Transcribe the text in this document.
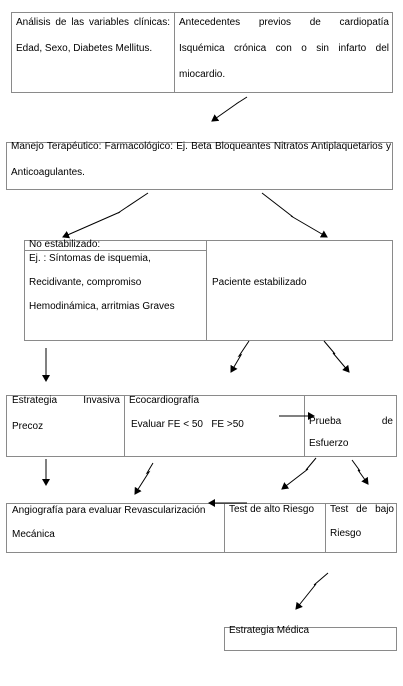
Análisis de las variables clínicas: Edad, Sexo, Diabetes Mellitus.
Antecedentes previos de cardiopatía Isquémica crónica con o sin infarto del miocardio.
Manejo Terapéutico: Farmacológico: Ej. Beta Bloqueantes Nitratos Antiplaquetarios y Anticoagulantes.
No estabilizado:
Ej. : Síntomas de isquemia,
Recidivante, compromiso
Hemodinámica, arritmias Graves
Paciente estabilizado
Estrategia Invasiva Precoz
Ecocardiografía
Evaluar FE < 50   FE >50	Prueba de Esfuerzo
Angiografía para evaluar Revascularización
Mecánica
Test de alto Riesgo	Test de bajo Riesgo
Estrategia Médica
